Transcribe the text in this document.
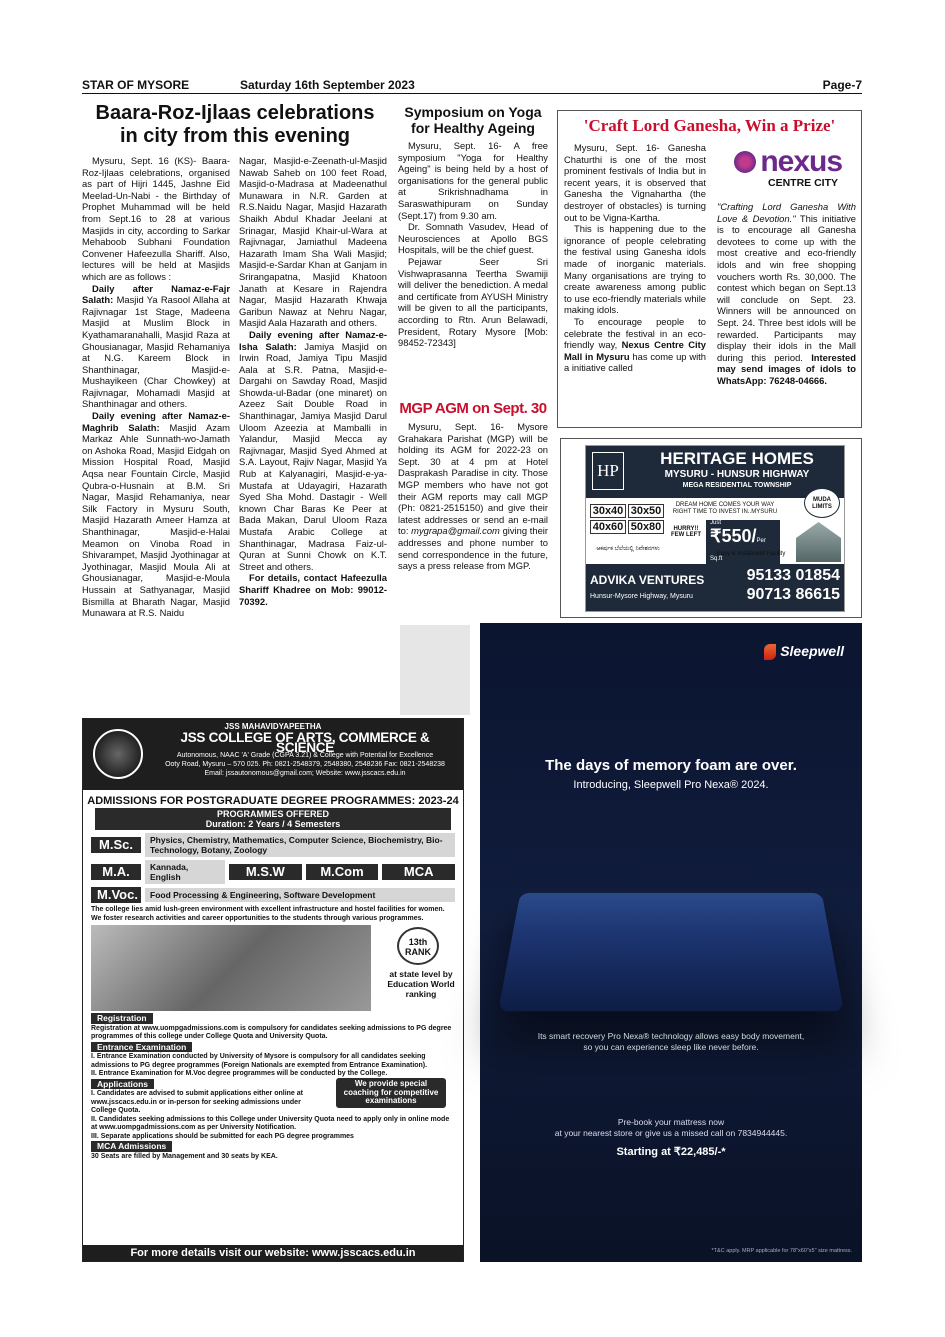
STAR OF MYSORE	Saturday 16th September 2023	Page-7
Baara-Roz-Ijlaas celebrations
in city from this evening

Mysuru, Sept. 16 (KS)- Baara-Roz-Ijlaas celebrations, organised as part of Hijri 1445, Jashne Eid Meelad-Un-Nabi - the Birthday of Prophet Muhammad will be held from Sept.16 to 28 at various Masjids in city, according to Sarkar Mehaboob Subhani Foundation Convener Hafeezulla Shariff. Also, lectures will be held at Masjids which are as follows :

Daily after Namaz-e-Fajr Salath: Masjid Ya Rasool Allaha at Rajivnagar 1st Stage, Madeena Masjid at Muslim Block in Kyathamaranahalli, Masjid Raza at Ghousianagar, Masjid Rehamaniya at N.G. Kareem Block in Shanthinagar, Masjid-e-Mushayikeen (Char Chowkey) at Rajivnagar, Mohamadi Masjid at Shanthinagar and others.

Daily evening after Namaz-e-Maghrib Salath: Masjid Azam Markaz Ahle Sunnath-wo-Jamath on Ashoka Road, Masjid Eidgah on Mission Hospital Road, Masjid Aqsa near Fountain Circle, Masjid Qubra-o-Husnain at B.M. Sri Nagar, Masjid Rehamaniya, near Silk Factory in Mysuru South, Masjid Hazarath Ameer Hamza at Shanthinagar, Masjid-e-Halai Meamon on Vinoba Road in Shivarampet, Masjid Jyothinagar at Jyothinagar, Masjid Moula Ali at Ghousianagar, Masjid-e-Moula Hussain at Sathyanagar, Masjid Bismilla at Bharath Nagar, Masjid Munawara at R.S. Naidu

Nagar, Masjid-e-Zeenath-ul-Masjid Nawab Saheb on 100 feet Road, Masjid-o-Madrasa at Madeenathul Munawara in N.R. Garden at R.S.Naidu Nagar, Masjid Hazarath Shaikh Abdul Khadar Jeelani at Srinagar, Masjid Khair-ul-Wara at Rajivnagar, Jamiathul Madeena Hazarath Imam Sha Wali Masjid; Masjid-e-Sardar Khan at Ganjam in Srirangapatna, Masjid Khatoon Janath at Kesare in Rajendra Nagar, Masjid Hazarath Khwaja Garibun Nawaz at Nehru Nagar, Masjid Aala Hazarath and others.

Daily evening after Namaz-e-Isha Salath: Jamiya Masjid on Irwin Road, Jamiya Tipu Masjid Aala at S.R. Patna, Masjid-e-Dargahi on Sawday Road, Masjid Showda-ul-Badar (one minaret) on Azeez Sait Double Road in Shanthinagar, Jamiya Masjid Darul Uloom Azeezia at Mamballi in Yalandur, Masjid Mecca ay Rajivnagar, Masjid Syed Ahmed at S.A. Layout, Rajiv Nagar, Masjid Ya Rub at Kalyanagiri, Masjid-e-ya-Mustafa at Udayagiri, Hazarath Syed Sha Mohd. Dastagir - Well known Char Baras Ke Peer at Bada Makan, Darul Uloom Raza Mustafa Arabic College at Shanthinagar, Madrasa Faiz-ul-Quran at Sunni Chowk on K.T. Street and others.

For details, contact Hafeezulla Shariff Khadree on Mob: 99012-70392.

Symposium on Yoga for Healthy Ageing

Mysuru, Sept. 16- A free symposium "Yoga for Healthy Ageing" is being held by a host of organisations for the general public at Srikrishnadhama in Saraswathipuram on Sunday (Sept.17) from 9.30 am.

Dr. Somnath Vasudev, Head of Neurosciences at Apollo BGS Hospitals, will be the chief guest.

Pejawar Seer Sri Vishwaprasanna Teertha Swamiji will deliver the benediction. A medal and certificate from AYUSH Ministry will be given to all the participants, according to Rtn. Arun Belawadi, President, Rotary Mysore [Mob: 98452-72343]

MGP AGM on Sept. 30

Mysuru, Sept. 16- Mysore Grahakara Parishat (MGP) will be holding its AGM for 2022-23 on Sept. 30 at 4 pm at Hotel Dasprakash Paradise in city. Those MGP members who have not got their AGM reports may call MGP (Ph: 0821-2515150) and give their latest addresses or send an e-mail to: mygrapa@gmail.com giving their addresses and phone number to send correspondence in the future, says a press release from MGP.

'Craft Lord Ganesha, Win a Prize'

Mysuru, Sept. 16- Ganesha Chaturthi is one of the most prominent festivals of India but in recent years, it is observed that Ganesha the Vignahartha (the destroyer of obstacles) is turning out to be Vigna-Kartha.

This is happening due to the ignorance of people celebrating the festival using Ganesha idols made of inorganic materials. Many organisations are trying to create awareness among public to use eco-friendly materials while making idols.

To encourage people to celebrate the festival in an eco-friendly way, Nexus Centre City Mall in Mysuru has come up with a initiative called

nexus
CENTRE CITY

"Crafting Lord Ganesha With Love & Devotion." This initiative is to encourage all Ganesha devotees to come up with the most creative and eco-friendly idols and win free shopping vouchers worth Rs. 30,000. The contest which began on Sept.13 will conclude on Sept. 23. Winners will be announced on Sept. 24. Three best idols will be rewarded. Participants may display their idols in the Mall during this period. Interested may send images of idols to WhatsApp: 76248-04666.

HP
HERITAGE HOMES
MYSURU - HUNSUR HIGHWAY
MEGA RESIDENTIAL TOWNSHIP
30x40 30x50
40x60 50x80
ಆಕರ್ಷಕ ಬೆಲೆಯಲ್ಲಿ ನಿವೇಶನಗಳು
DREAM HOME COMES YOUR WAY
RIGHT TIME TO INVEST IN..MYSURU
HURRY!! FEW LEFT
Just
₹550/Per Sq.ft
Easy & Instalment Facility
MUDA LIMITS
ADVIKA VENTURES
Hunsur-Mysore Highway, Mysuru
95133 01854
90713 86615
JSS MAHAVIDYAPEETHA
JSS COLLEGE OF ARTS, COMMERCE & SCIENCE
Autonomous, NAAC 'A' Grade (CGPA 3.21) & College with Potential for Excellence
Ooty Road, Mysuru – 570 025. Ph: 0821-2548379, 2548380, 2548236 Fax: 0821-2548238
Email: jssautonomous@gmail.com; Website: www.jsscacs.edu.in
ADMISSIONS FOR POSTGRADUATE DEGREE PROGRAMMES: 2023-24
PROGRAMMES OFFERED
Duration: 2 Years / 4 Semesters
M.Sc.	Physics, Chemistry, Mathematics, Computer Science, Biochemistry, Bio-Technology, Botany, Zoology
M.A.	Kannada, English	M.S.W	M.Com	MCA
M.Voc.	Food Processing & Engineering, Software Development
The college lies amid lush-green environment with excellent infrastructure and hostel facilities for women. We foster research activities and career opportunities to the students through various programmes.
13th
RANK
at state level by Education World ranking
Registration
Registration at www.uompgadmissions.com is compulsory for candidates seeking admissions to PG degree programmes of this college under College Quota and University Quota.
Entrance Examination
I. Entrance Examination conducted by University of Mysore is compulsory for all candidates seeking admissions to PG degree programmes (Foreign Nationals are exempted from Entrance Examination).
II. Entrance Examination for M.Voc degree programmes will be conducted by the College.
Applications
I. Candidates are advised to submit applications either online at www.jsscacs.edu.in or in-person for seeking admissions under College Quota.
We provide special coaching for competitive examinations
II. Candidates seeking admissions to this College under University Quota need to apply only in online mode at www.uompgadmissions.com as per University Notification.
III. Separate applications should be submitted for each PG degree programmes
MCA Admissions
30 Seats are filled by Management and 30 seats by KEA.
For more details visit our website: www.jsscacs.edu.in
Sleepwell
The days of memory foam are over.
Introducing, Sleepwell Pro Nexa® 2024.
Its smart recovery Pro Nexa® technology allows easy body movement,
so you can experience sleep like never before.
Pre-book your mattress now
at your nearest store or give us a missed call on 7834944445.
Starting at ₹22,485/-*
*T&C apply. MRP applicable for 78"x60"x5" size mattress.
